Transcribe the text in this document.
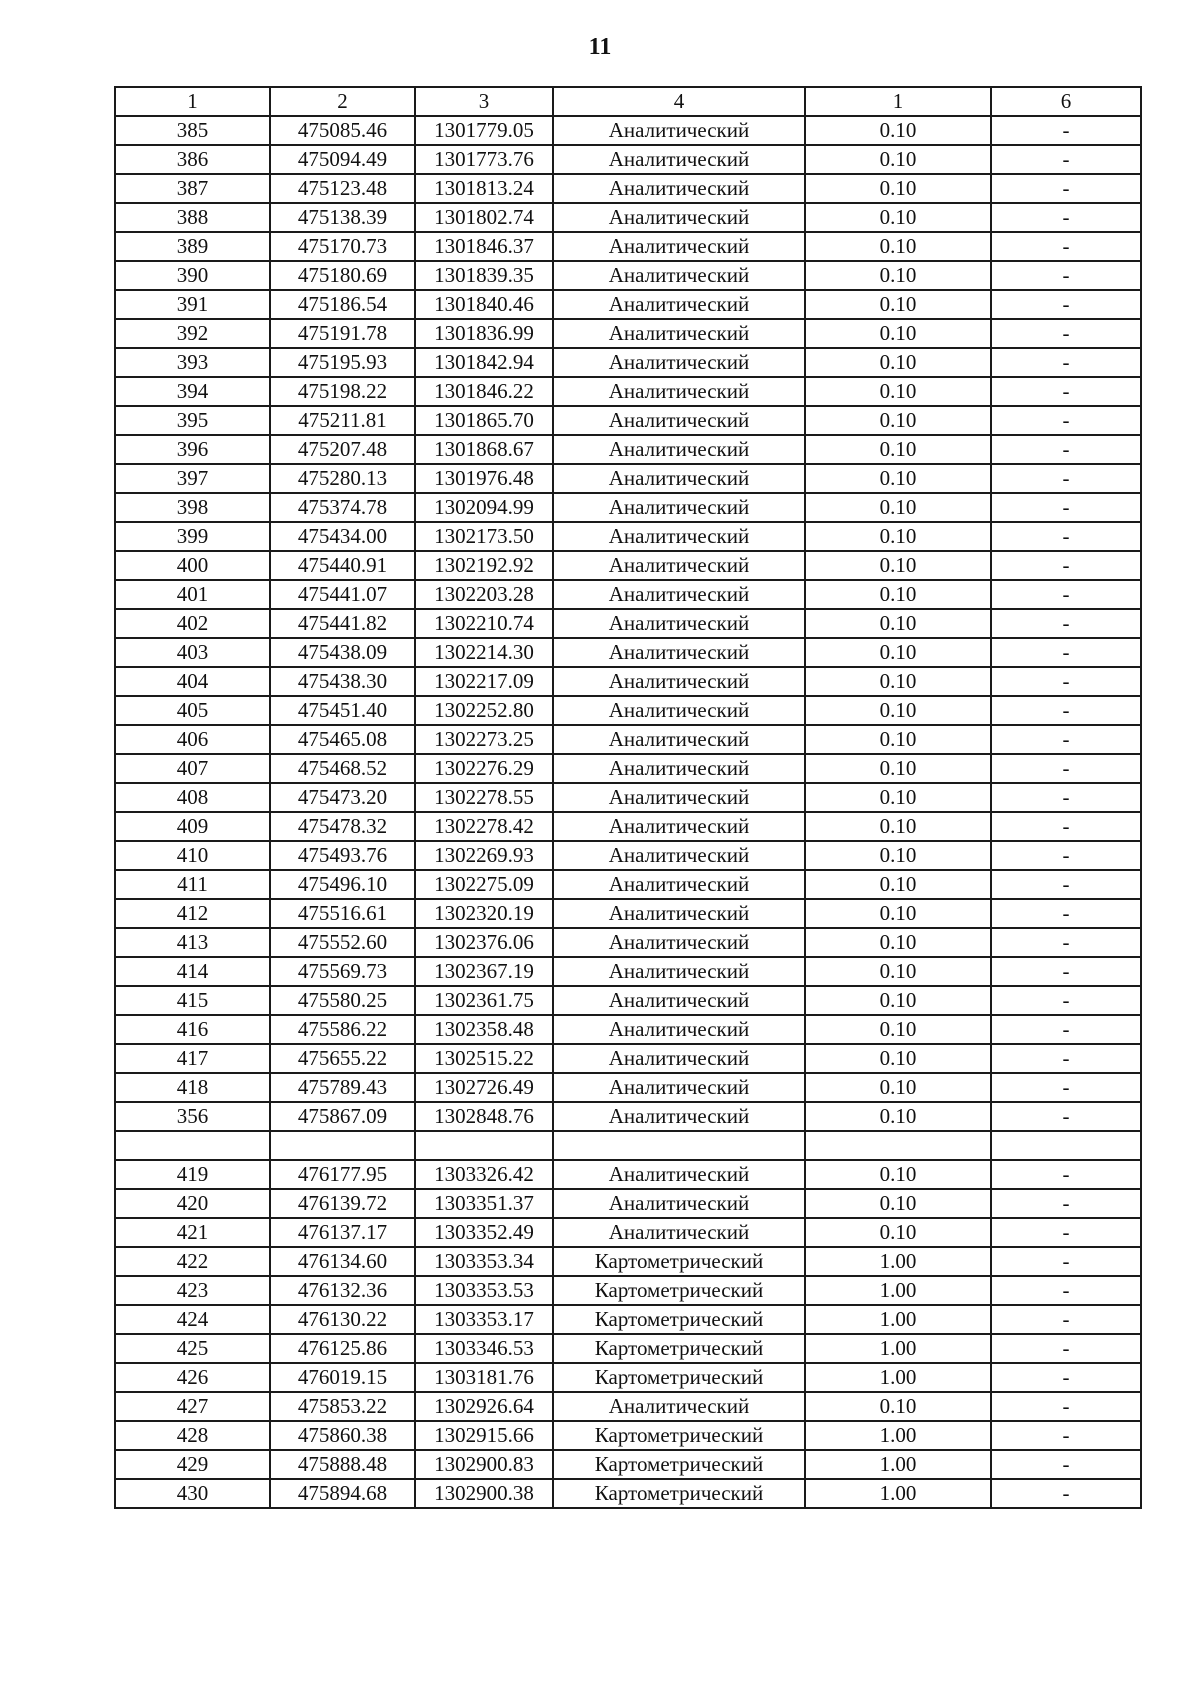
11
1	2	3	4	1	6
385	475085.46	1301779.05	Аналитический	0.10	-
386	475094.49	1301773.76	Аналитический	0.10	-
387	475123.48	1301813.24	Аналитический	0.10	-
388	475138.39	1301802.74	Аналитический	0.10	-
389	475170.73	1301846.37	Аналитический	0.10	-
390	475180.69	1301839.35	Аналитический	0.10	-
391	475186.54	1301840.46	Аналитический	0.10	-
392	475191.78	1301836.99	Аналитический	0.10	-
393	475195.93	1301842.94	Аналитический	0.10	-
394	475198.22	1301846.22	Аналитический	0.10	-
395	475211.81	1301865.70	Аналитический	0.10	-
396	475207.48	1301868.67	Аналитический	0.10	-
397	475280.13	1301976.48	Аналитический	0.10	-
398	475374.78	1302094.99	Аналитический	0.10	-
399	475434.00	1302173.50	Аналитический	0.10	-
400	475440.91	1302192.92	Аналитический	0.10	-
401	475441.07	1302203.28	Аналитический	0.10	-
402	475441.82	1302210.74	Аналитический	0.10	-
403	475438.09	1302214.30	Аналитический	0.10	-
404	475438.30	1302217.09	Аналитический	0.10	-
405	475451.40	1302252.80	Аналитический	0.10	-
406	475465.08	1302273.25	Аналитический	0.10	-
407	475468.52	1302276.29	Аналитический	0.10	-
408	475473.20	1302278.55	Аналитический	0.10	-
409	475478.32	1302278.42	Аналитический	0.10	-
410	475493.76	1302269.93	Аналитический	0.10	-
411	475496.10	1302275.09	Аналитический	0.10	-
412	475516.61	1302320.19	Аналитический	0.10	-
413	475552.60	1302376.06	Аналитический	0.10	-
414	475569.73	1302367.19	Аналитический	0.10	-
415	475580.25	1302361.75	Аналитический	0.10	-
416	475586.22	1302358.48	Аналитический	0.10	-
417	475655.22	1302515.22	Аналитический	0.10	-
418	475789.43	1302726.49	Аналитический	0.10	-
356	475867.09	1302848.76	Аналитический	0.10	-

419	476177.95	1303326.42	Аналитический	0.10	-
420	476139.72	1303351.37	Аналитический	0.10	-
421	476137.17	1303352.49	Аналитический	0.10	-
422	476134.60	1303353.34	Картометрический	1.00	-
423	476132.36	1303353.53	Картометрический	1.00	-
424	476130.22	1303353.17	Картометрический	1.00	-
425	476125.86	1303346.53	Картометрический	1.00	-
426	476019.15	1303181.76	Картометрический	1.00	-
427	475853.22	1302926.64	Аналитический	0.10	-
428	475860.38	1302915.66	Картометрический	1.00	-
429	475888.48	1302900.83	Картометрический	1.00	-
430	475894.68	1302900.38	Картометрический	1.00	-
